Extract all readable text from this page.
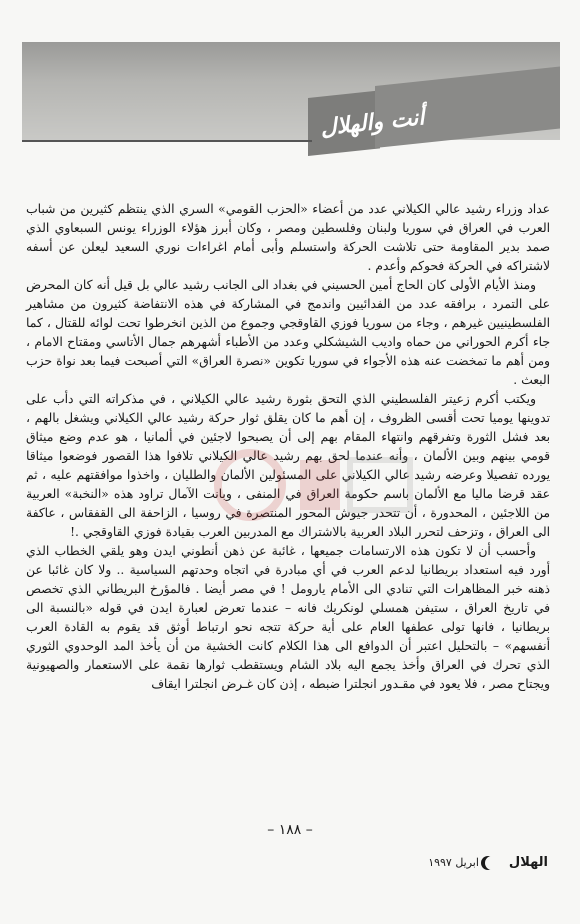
أنت والهلال

عداد وزراء رشيد عالي الكيلاني عدد من أعضاء «الحزب القومي» السري الذي ينتظم كثيرين من شباب العرب في العراق في سوريا ولبنان وفلسطين ومصر ، وكان أبرز هؤلاء الوزراء يونس السبعاوي الذي صمد بدير المقاومة حتى تلاشت الحركة واستسلم وأبى أمام اغراءات نوري السعيد ليعلن عن أسفه لاشتراكه في الحركة فحوكم وأعدم .

ومنذ الأيام الأولى كان الحاج أمين الحسيني في بغداد الى الجانب رشيد عالي بل قيل أنه كان المحرض على التمرد ، برافقه عدد من الفدائيين واندمج في المشاركة في هذه الانتفاضة كثيرون من مشاهير الفلسطينيين غيرهم ، وجاء من سوريا فوزي القاوقجي وجموع من الذين انخرطوا تحت لوائه للقتال ، كما جاء أكرم الحوراني من حماه واديب الشيشكلي وعدد من الأطباء أشهرهم جمال الأتاسي ومقتاح الامام ، ومن أهم ما تمخضت عنه هذه الأجواء في سوريا تكوين «نصرة العراق» التي أصبحت فيما بعد نواة حزب البعث .

ويكتب أكرم زعيتر الفلسطيني الذي التحق بثورة رشيد عالي الكيلاني ، في مذكراته التي دأب على تدوينها يوميا تحت أقسى الظروف ، إن أهم ما كان يقلق ثوار حركة رشيد عالي الكيلاني ويشغل بالهم ، بعد فشل الثورة وتفرقهم وانتهاء المقام بهم إلى أن يصبحوا لاجئين في ألمانيا ، هو عدم وضع ميثاق قومي بينهم وبين الألمان ، وأنه عندما لحق بهم رشيد عالي الكيلاني تلافوا هذا القصور فوضعوا ميثاقا يورده تفصيلا وعرضه رشيد عالي الكيلاني على المسئولين الألمان والطليان ، واخذوا موافقتهم عليه ، ثم عقد قرضا ماليا مع الألمان باسم حكومة العراق في المنفى ، وبانت الآمال تراود هذه «النخبة» العربية من اللاجئين ، المحدورة ، أن تتحدر جيوش المحور المنتصرة في روسيا ، الزاحفة الى القفقاس ، عاكفة الى العراق ، وتزحف لتحرر البلاد العربية بالاشتراك مع المدربين العرب بقيادة فوزي القاوقجي .!

وأحسب أن لا تكون هذه الارتسامات جميعها ، غائبة عن ذهن أنطوني ايدن وهو يلقي الخطاب الذي أورد فيه استعداد بريطانيا لدعم العرب في أي مبادرة في اتجاه وحدتهم السياسية .. ولا كان غائبا عن ذهنه خبر المظاهرات التي تنادي الى الأمام يارومل ! في مصر أيضا . فالمؤرخ البريطاني الذي تخصص في تاريخ العراق ، ستيفن همسلي لونكريك فانه – عندما تعرض لعبارة ايدن في قوله «بالنسبة الى بريطانيا ، فانها تولى عطفها العام على أية حركة تتجه نحو ارتباط أوثق قد يقوم به القادة العرب أنفسهم» – بالتحليل اعتبر أن الدوافع الى هذا الكلام كانت الخشية من أن يأخذ المد الوحدوي الثوري الذي تحرك في العراق وأخذ يجمع اليه بلاد الشام ويستقطب ثوارها نقمة على الاستعمار والصهيونية ويجتاح مصر ، فلا يعود في مقـدور انجلترا ضبطه ، إذن كان غـرض انجلترا ايقاف

– ١٨٨ –
الهلال
ابريل ١٩٩٧
